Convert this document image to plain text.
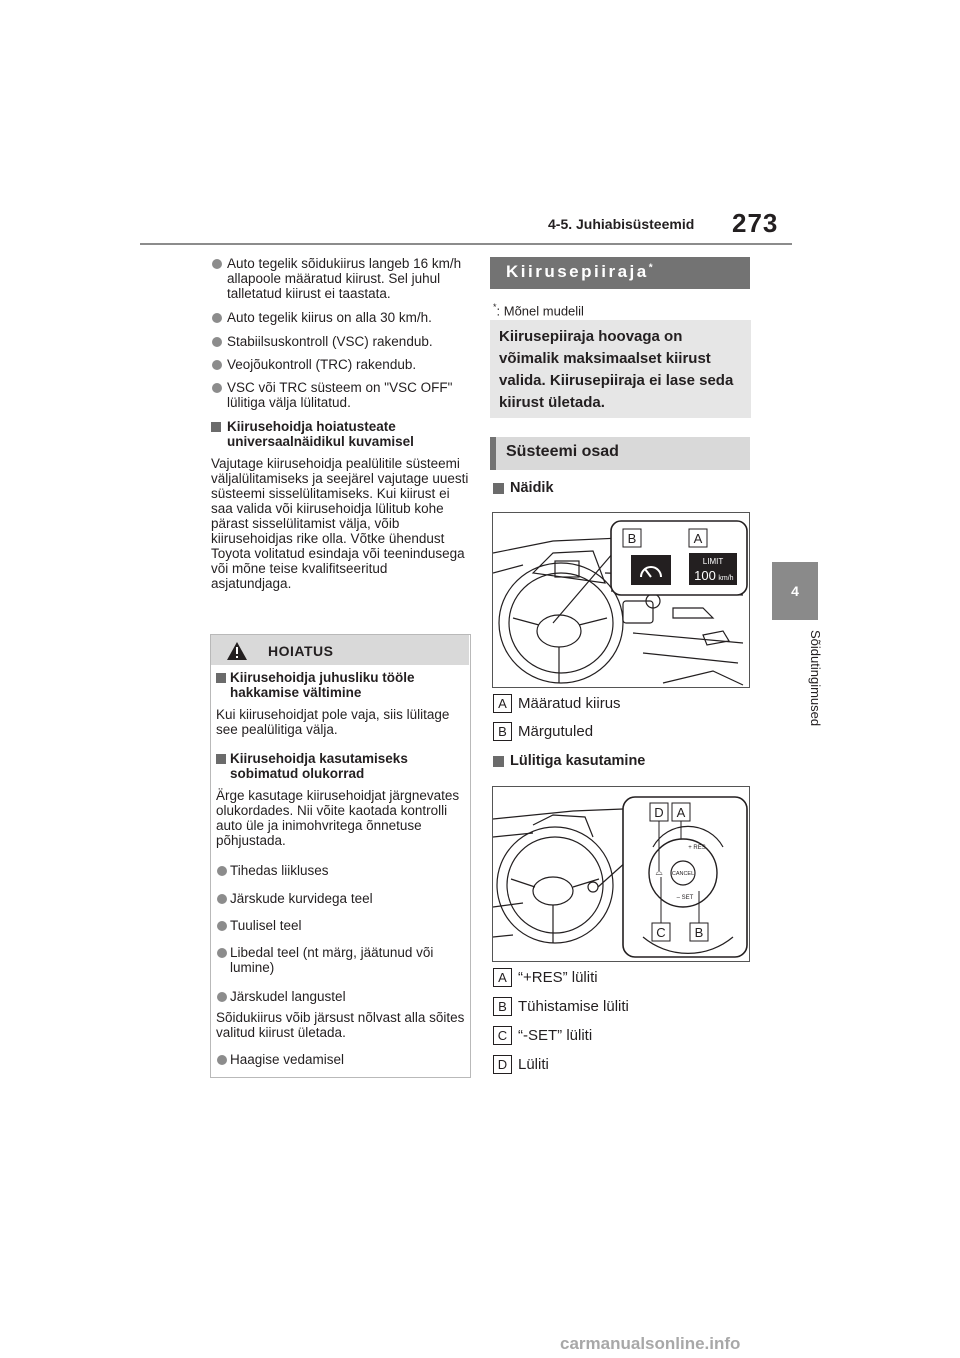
4-5. Juhiabisüsteemid 273
4
Sõidutingimused
Auto tegelik sõidukiirus langeb 16 km/h allapoole määratud kiirust. Sel juhul talletatud kiirust ei taastata.
Auto tegelik kiirus on alla 30 km/h.
Stabiilsuskontroll (VSC) rakendub.
Veojõukontroll (TRC) rakendub.
VSC või TRC süsteem on "VSC OFF" lülitiga välja lülitatud.
Kiirusehoidja hoiatusteate universaalnäidikul kuvamisel
Vajutage kiirusehoidja pealülitile süsteemi väljalülitamiseks ja seejärel vajutage uuesti süsteemi sisselülitamiseks. Kui kiirust ei saa valida või kiirusehoidja lülitub kohe pärast sisselülitamist välja, võib kiirusehoidjas rike olla. Võtke ühendust Toyota volitatud esindaja või teenindusega või mõne teise kvalifitseeritud asjatundjaga.
HOIATUS
Kiirusehoidja juhusliku tööle hakkamise vältimine
Kui kiirusehoidjat pole vaja, siis lülitage see pealülitiga välja.
Kiirusehoidja kasutamiseks sobimatud olukorrad
Ärge kasutage kiirusehoidjat järgnevates olukordades. Nii võite kaotada kontrolli auto üle ja inimohvritega õnnetuse põhjustada.
Tihedas liikluses
Järskude kurvidega teel
Tuulisel teel
Libedal teel (nt märg, jäätunud või lumine)
Järskudel langustel
Sõidukiirus võib järsust nõlvast alla sõites valitud kiirust ületada.
Haagise vedamisel
Kiirusepiiraja*
*: Mõnel mudelil
Kiirusepiiraja hoovaga on võimalik maksimaalset kiirust valida. Kiirusepiiraja ei lase seda kiirust ületada.
Süsteemi osad
Näidik
B	A
LIMIT
100 km/h
A Määratud kiirus
B Märgutuled
Lülitiga kasutamine
CANCEL
+ RES
– SET
⌓
D A
C B
A “+RES” lüliti
B Tühistamise lüliti
C “-SET” lüliti
D Lüliti
carmanualsonline.info
